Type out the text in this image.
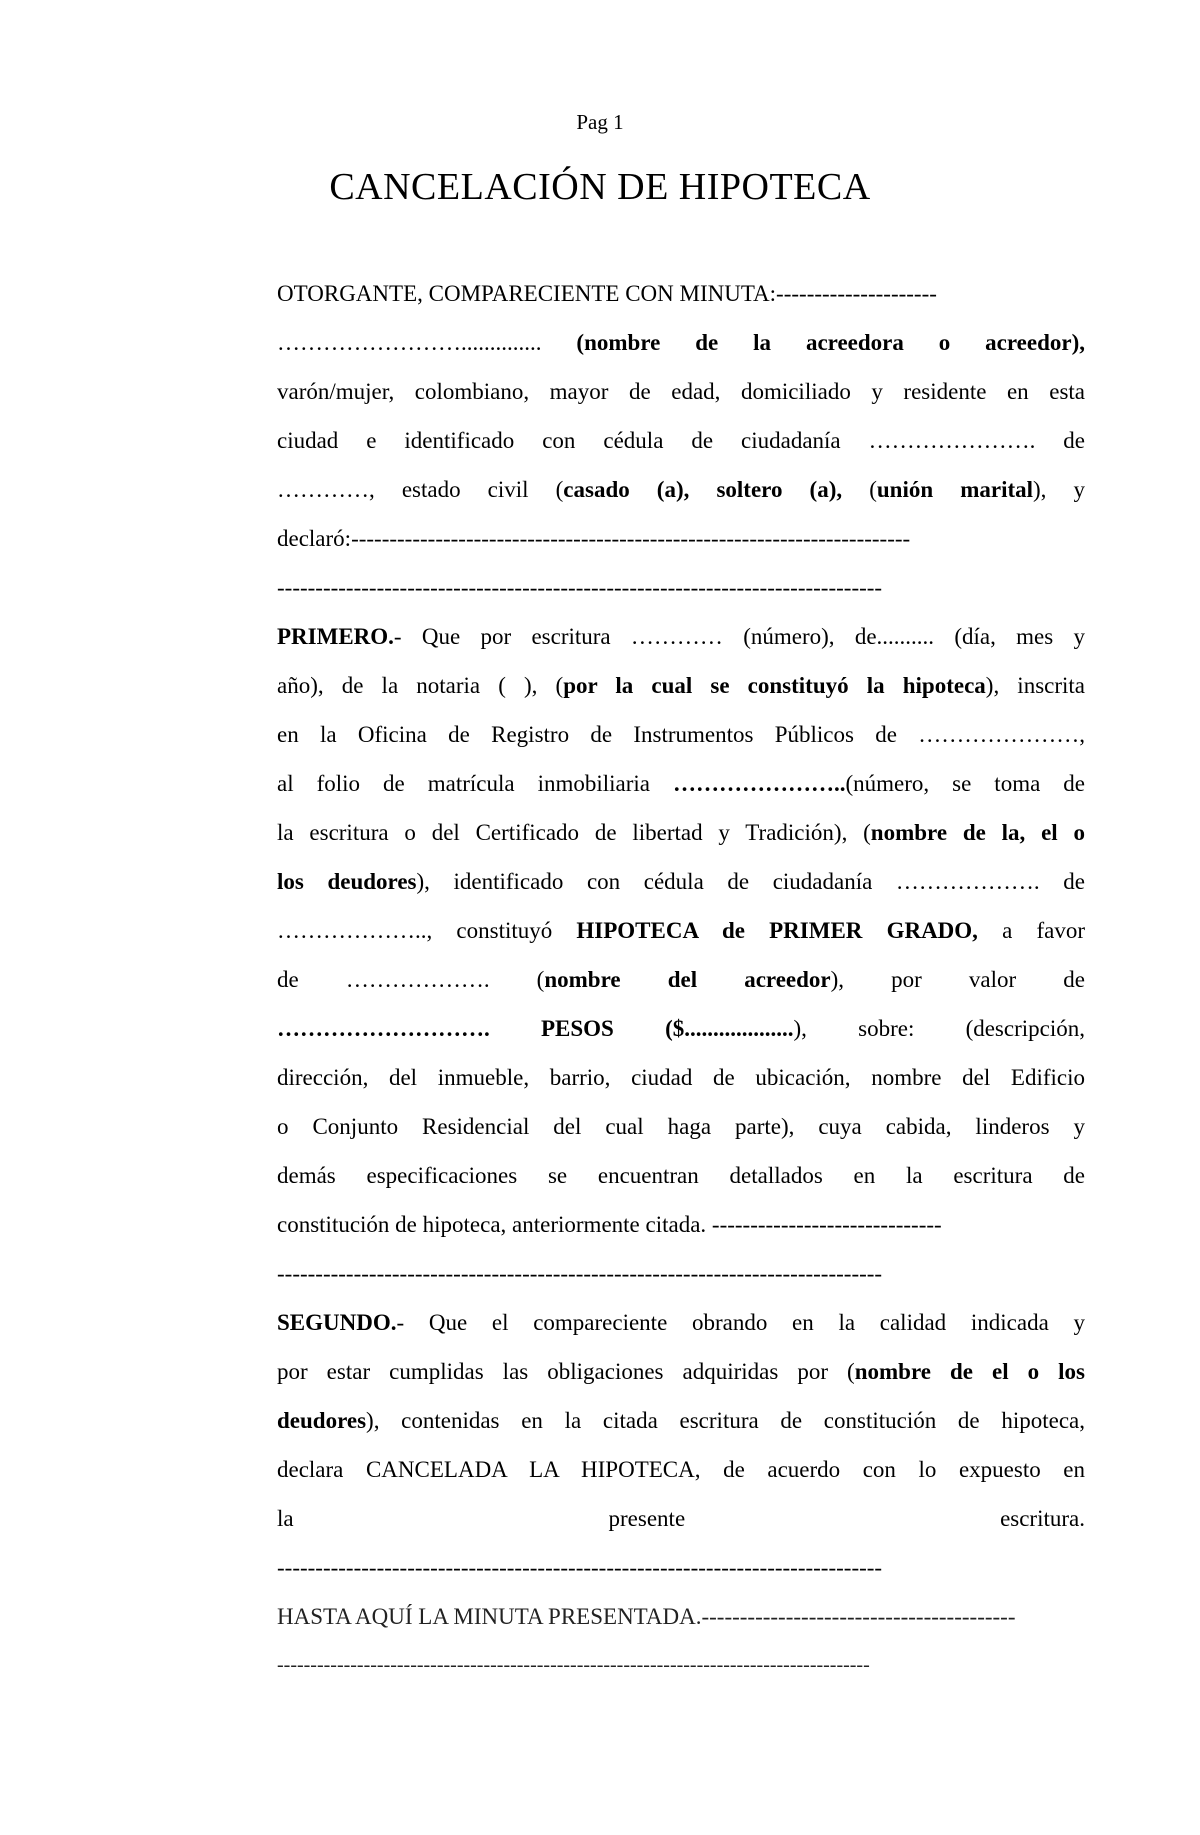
Pag 1
CANCELACIÓN DE HIPOTECA
OTORGANTE, COMPARECIENTE CON MINUTA:---------------------
…………………….............. (nombre de la acreedora o acreedor),
varón/mujer, colombiano, mayor de edad, domiciliado y residente en esta
ciudad e identificado con cédula de ciudadanía …………………. de
…………, estado civil (casado (a), soltero (a), (unión marital), y
declaró:-------------------------------------------------------------------------
-------------------------------------------------------------------------------
PRIMERO.- Que por escritura ………… (número), de.......... (día, mes y
año), de la notaria ( ), (por la cual se constituyó la hipoteca), inscrita
en la Oficina de Registro de Instrumentos Públicos de …………………,
al folio de matrícula inmobiliaria …………………..(número, se toma de
la escritura o del Certificado de libertad y Tradición), (nombre de la, el o
los deudores), identificado con cédula de ciudadanía ………………. de
……………….., constituyó HIPOTECA de PRIMER GRADO, a favor
de ………………. (nombre del acreedor), por valor de
………………………. PESOS ($...................), sobre: (descripción,
dirección, del inmueble, barrio, ciudad de ubicación, nombre del Edificio
o Conjunto Residencial del cual haga parte), cuya cabida, linderos y
demás especificaciones se encuentran detallados en la escritura de
constitución de hipoteca, anteriormente citada. ------------------------------
-------------------------------------------------------------------------------
SEGUNDO.- Que el compareciente obrando en la calidad indicada y
por estar cumplidas las obligaciones adquiridas por (nombre de el o los
deudores), contenidas en la citada escritura de constitución de hipoteca,
declara CANCELADA LA HIPOTECA, de acuerdo con lo expuesto en
la presente escritura.
-------------------------------------------------------------------------------
HASTA AQUÍ LA MINUTA PRESENTADA.-----------------------------------------
-----------------------------------------------------------------------------------------
